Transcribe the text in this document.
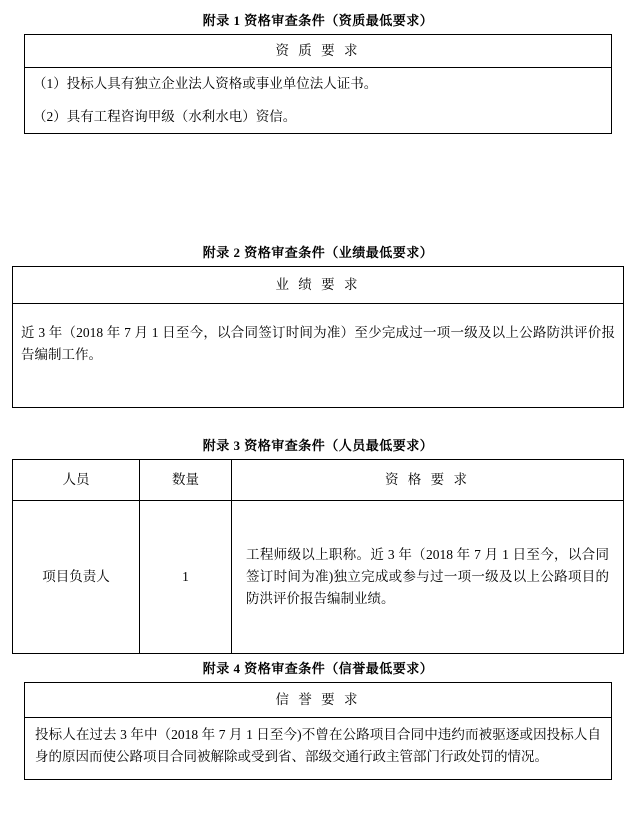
附录 1 资格审查条件（资质最低要求）
资 质 要 求
（1）投标人具有独立企业法人资格或事业单位法人证书。
（2）具有工程咨询甲级（水利水电）资信。
附录 2 资格审查条件（业绩最低要求）
业 绩 要 求
近 3 年（2018 年 7 月 1 日至今，以合同签订时间为准）至少完成过一项一级及以上公路防洪评价报告编制工作。
附录 3 资格审查条件（人员最低要求）
人员	数量	资 格 要 求
项目负责人	1	工程师级以上职称。近 3 年（2018 年 7 月 1 日至今，以合同签订时间为准)独立完成或参与过一项一级及以上公路项目的防洪评价报告编制业绩。
附录 4 资格审查条件（信誉最低要求）
信 誉 要 求
投标人在过去 3 年中（2018 年 7 月 1 日至今)不曾在公路项目合同中违约而被驱逐或因投标人自身的原因而使公路项目合同被解除或受到省、部级交通行政主管部门行政处罚的情况。
